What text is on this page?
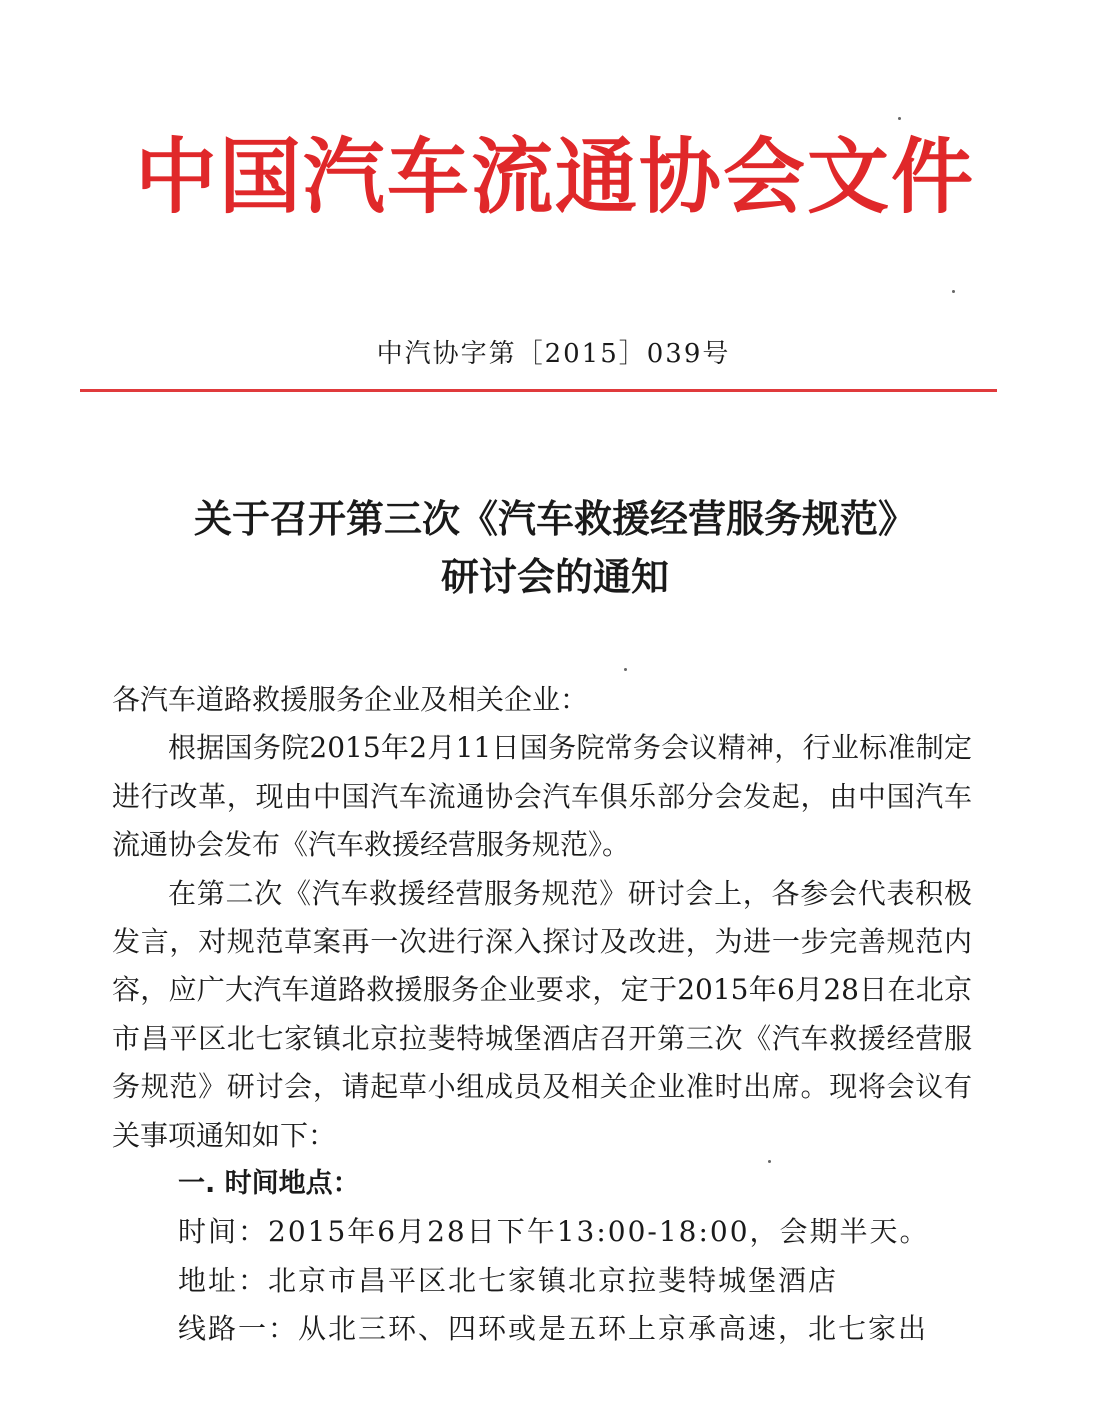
中国汽车流通协会文件
中汽协字第［2015］039号
关于召开第三次《汽车救援经营服务规范》
研讨会的通知

各汽车道路救援服务企业及相关企业：

根据国务院2015年2月11日国务院常务会议精神，行业标准制定进行改革，现由中国汽车流通协会汽车俱乐部分会发起，由中国汽车流通协会发布《汽车救援经营服务规范》。

在第二次《汽车救援经营服务规范》研讨会上，各参会代表积极发言，对规范草案再一次进行深入探讨及改进，为进一步完善规范内容，应广大汽车道路救援服务企业要求，定于2015年6月28日在北京市昌平区北七家镇北京拉斐特城堡酒店召开第三次《汽车救援经营服务规范》研讨会，请起草小组成员及相关企业准时出席。现将会议有关事项通知如下：

一. 时间地点：

时间：2015年6月28日下午13:00-18:00，会期半天。

地址：北京市昌平区北七家镇北京拉斐特城堡酒店

线路一：从北三环、四环或是五环上京承高速，北七家出
